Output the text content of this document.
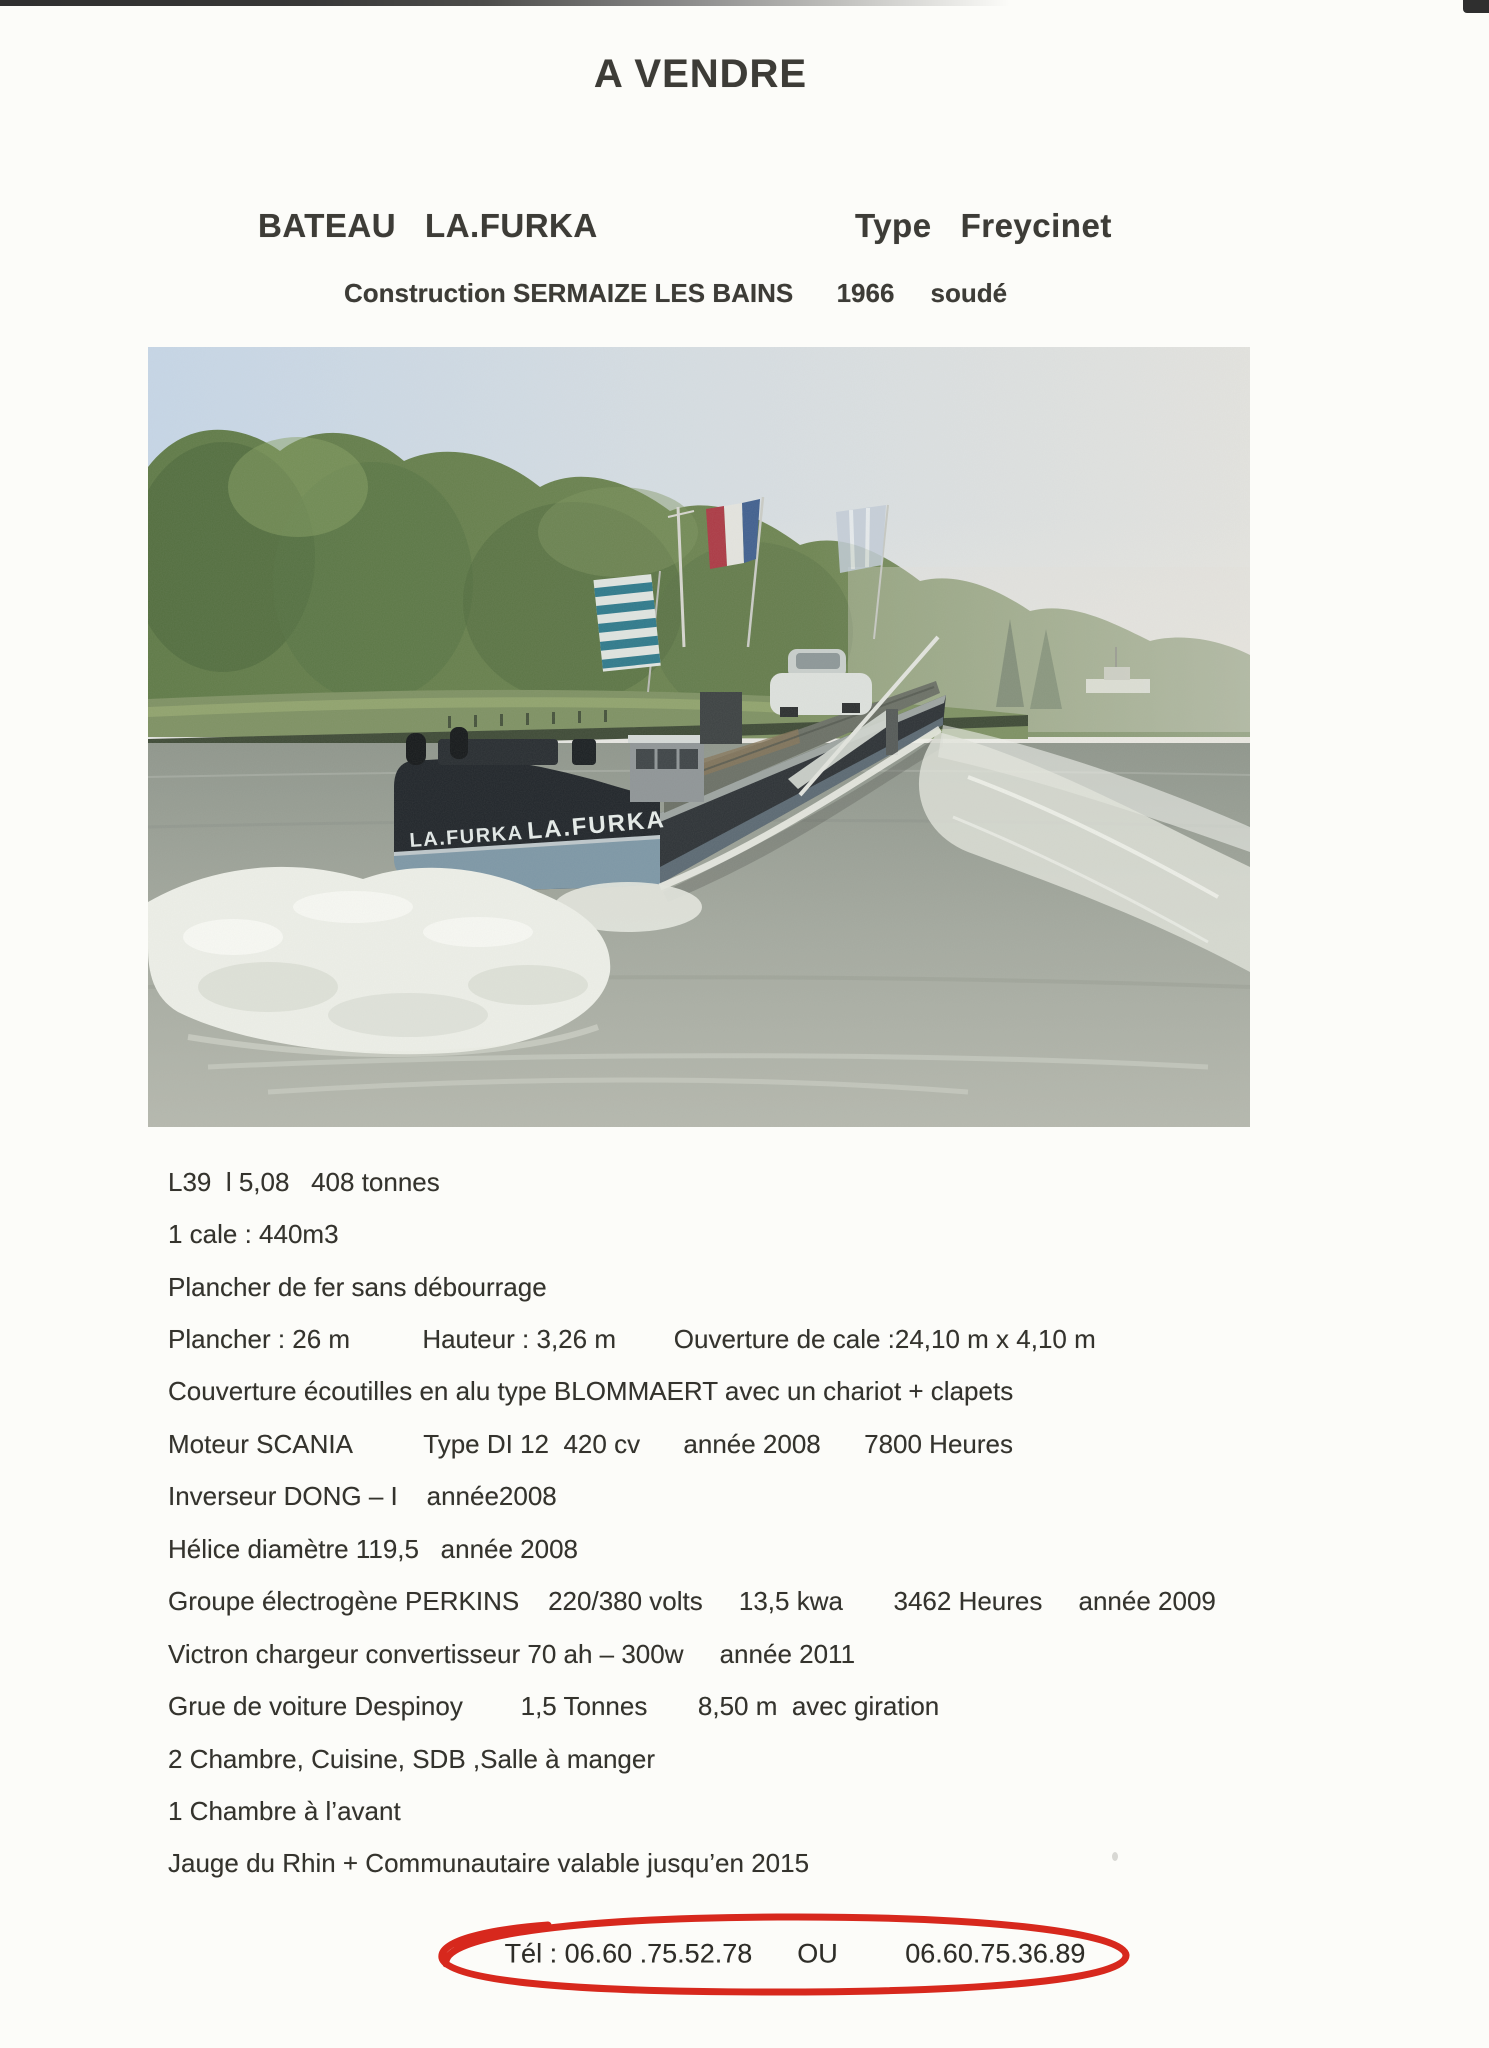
A VENDRE
BATEAU   LA.FURKA	Type   Freycinet
Construction SERMAIZE LES BAINS      1966     soudé
L39  l 5,08   408 tonnes
1 cale : 440m3
Plancher de fer sans débourrage
Plancher : 26 m          Hauteur : 3,26 m        Ouverture de cale :24,10 m x 4,10 m
Couverture écoutilles en alu type BLOMMAERT avec un chariot + clapets
Moteur SCANIA          Type DI 12  420 cv      année 2008      7800 Heures
Inverseur DONG – I    année2008
Hélice diamètre 119,5   année 2008
Groupe électrogène PERKINS    220/380 volts     13,5 kwa       3462 Heures     année 2009
Victron chargeur convertisseur 70 ah – 300w     année 2011
Grue de voiture Despinoy        1,5 Tonnes       8,50 m  avec giration
2 Chambre, Cuisine, SDB ,Salle à manger
1 Chambre à l’avant
Jauge du Rhin + Communautaire valable jusqu’en 2015
Tél : 06.60 .75.52.78      OU         06.60.75.36.89
